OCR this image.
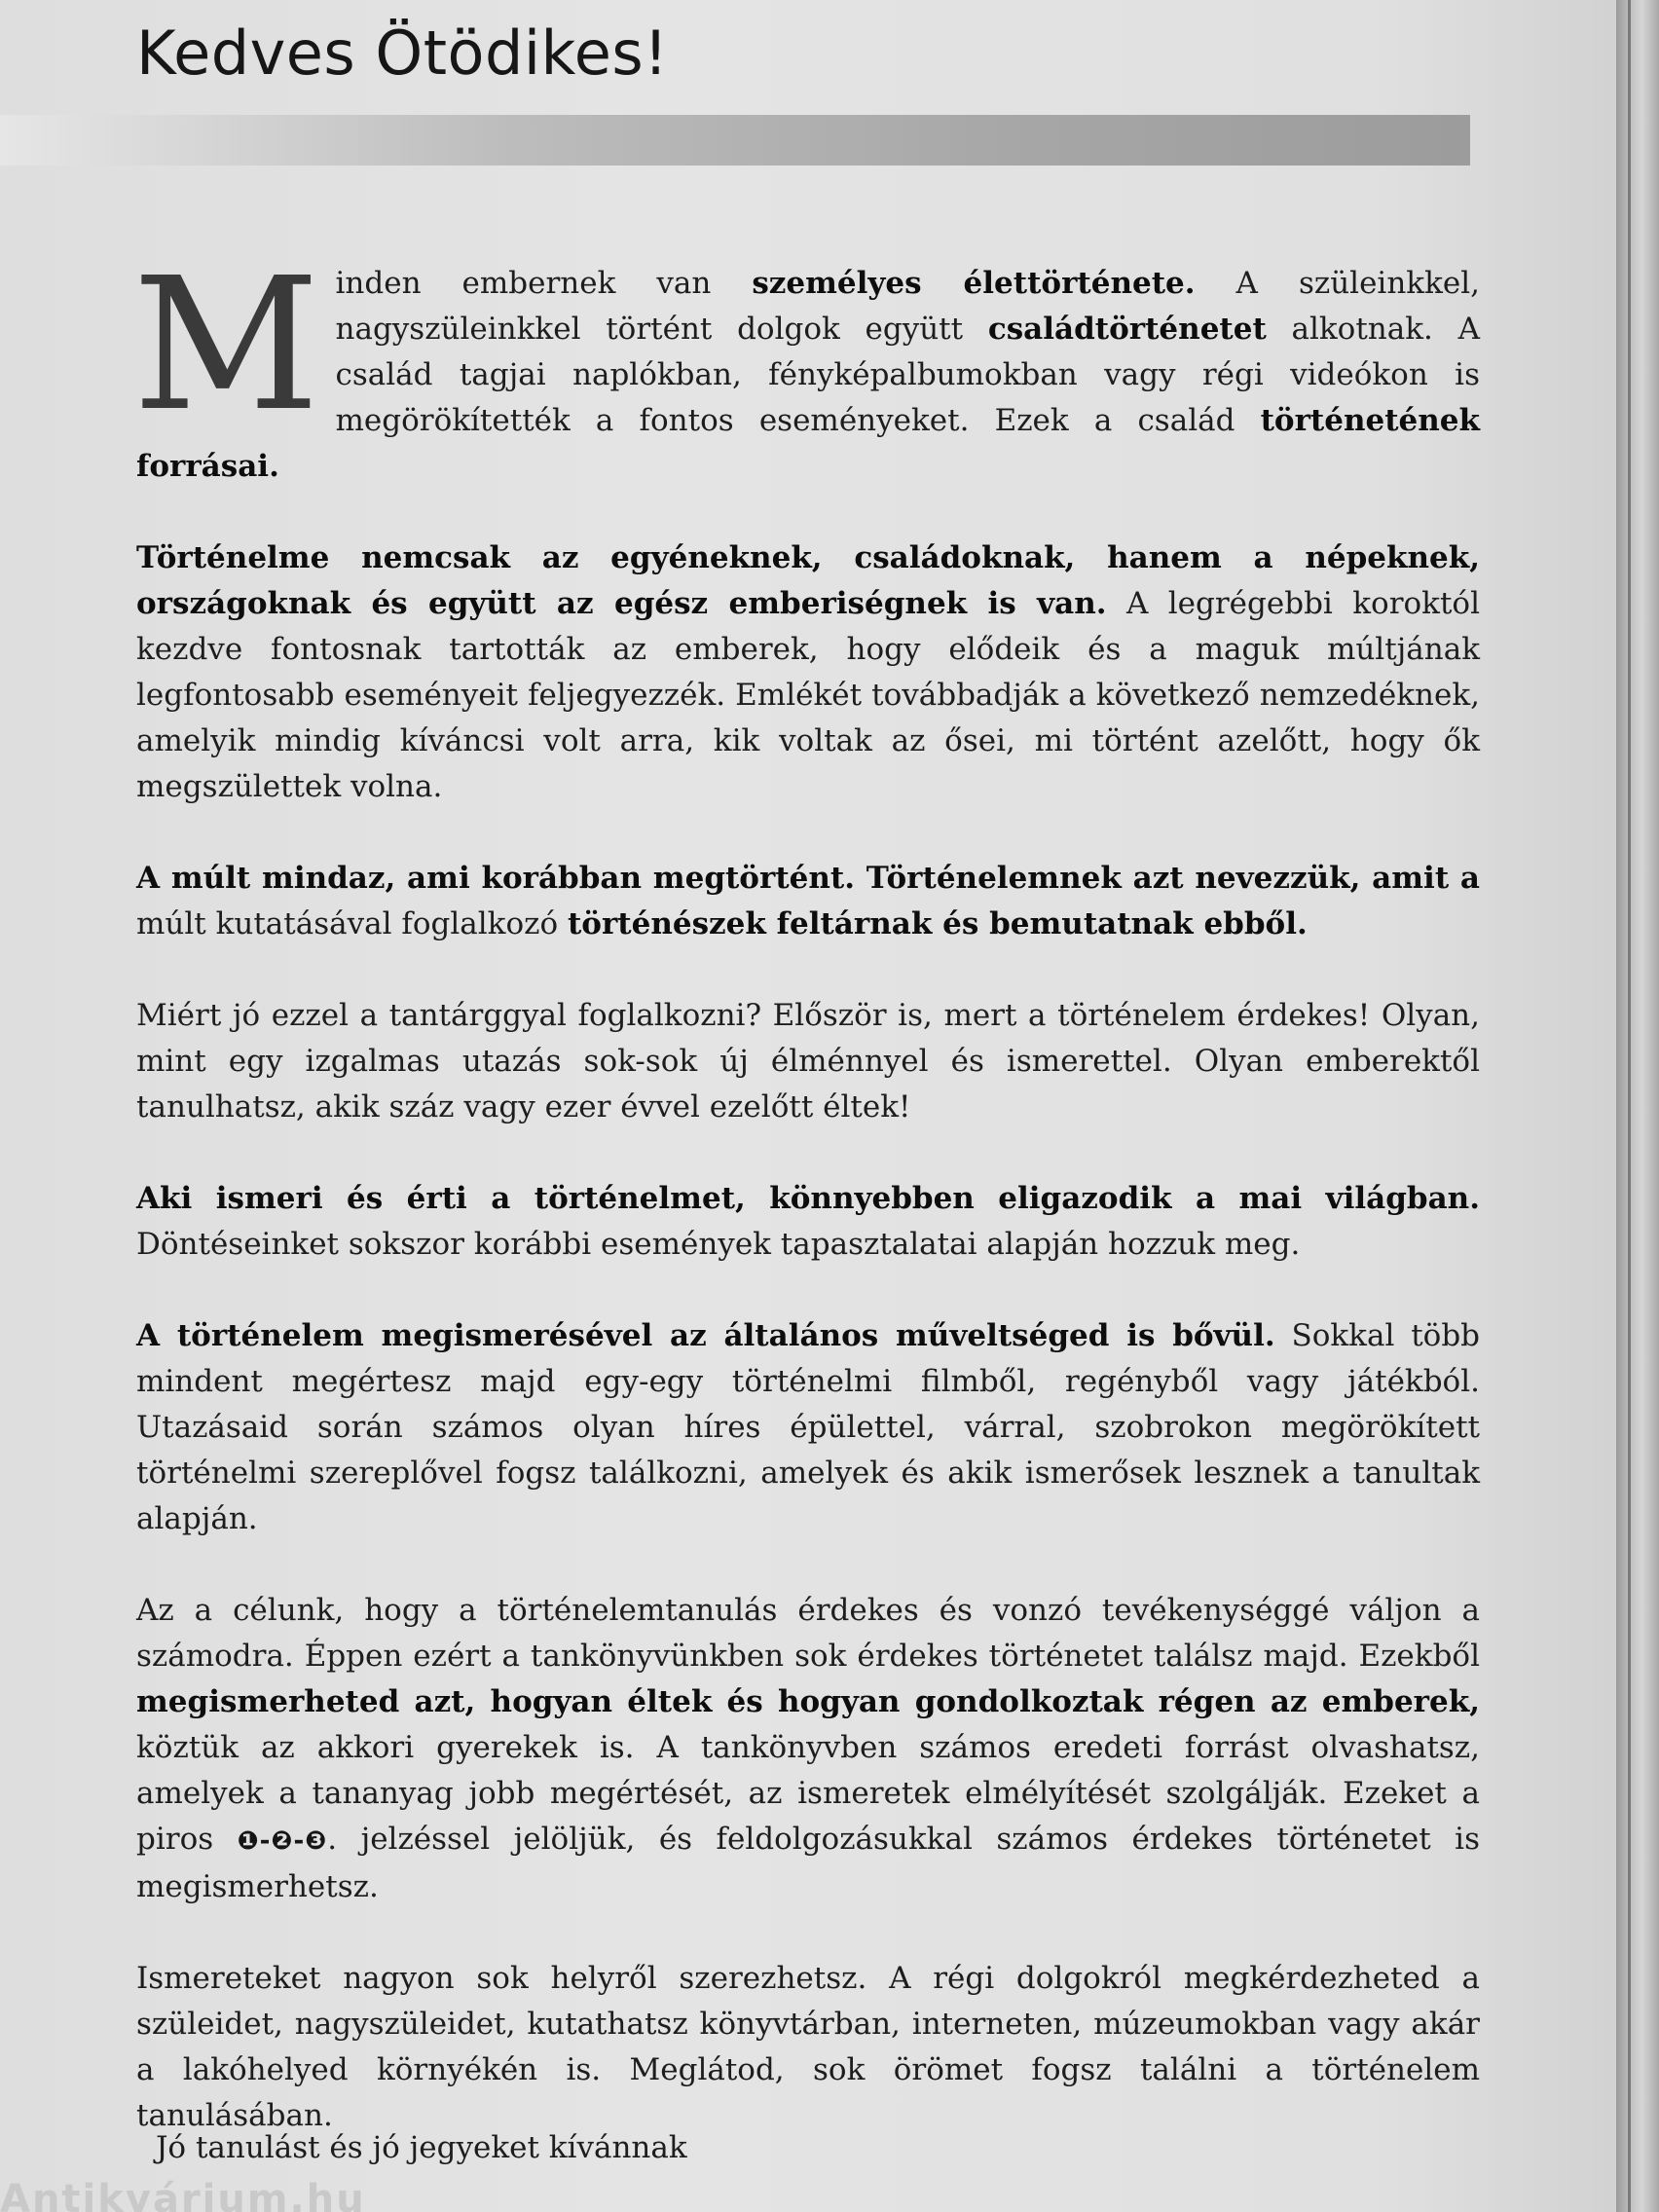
Kedves Ötödikes!

Minden embernek van személyes élettörténete. A szüleinkkel, nagyszüleinkkel történt dolgok együtt családtörténetet alkotnak. A család tagjai naplókban, fényképalbumokban vagy régi videókon is megörökítették a fontos eseményeket. Ezek a család történetének forrásai.

Történelme nemcsak az egyéneknek, családoknak, hanem a népeknek, országoknak és együtt az egész emberiségnek is van. A legrégebbi koroktól kezdve fontosnak tartották az emberek, hogy elődeik és a maguk múltjának legfontosabb eseményeit feljegyezzék. Emlékét továbbadják a következő nemzedéknek, amelyik mindig kíváncsi volt arra, kik voltak az ősei, mi történt azelőtt, hogy ők megszülettek volna.

A múlt mindaz, ami korábban megtörtént. Történelemnek azt nevezzük, amit a múlt kutatásával foglalkozó történészek feltárnak és bemutatnak ebből.

Miért jó ezzel a tantárggyal foglalkozni? Először is, mert a történelem érdekes! Olyan, mint egy izgalmas utazás sok-sok új élménnyel és ismerettel. Olyan emberektől tanulhatsz, akik száz vagy ezer évvel ezelőtt éltek!

Aki ismeri és érti a történelmet, könnyebben eligazodik a mai világban. Döntéseinket sokszor korábbi események tapasztalatai alapján hozzuk meg.

A történelem megismerésével az általános műveltséged is bővül. Sokkal több mindent megértesz majd egy-egy történelmi filmből, regényből vagy játékból. Utazásaid során számos olyan híres épülettel, várral, szobrokon megörökített történelmi szereplővel fogsz találkozni, amelyek és akik ismerősek lesznek a tanultak alapján.

Az a célunk, hogy a történelemtanulás érdekes és vonzó tevékenységgé váljon a számodra. Éppen ezért a tankönyvünkben sok érdekes történetet találsz majd. Ezekből megismerheted azt, hogyan éltek és hogyan gondolkoztak régen az emberek, köztük az akkori gyerekek is. A tankönyvben számos eredeti forrást olvashatsz, amelyek a tananyag jobb megértését, az ismeretek elmélyítését szolgálják. Ezeket a piros ❶-❷-❸. jelzéssel jelöljük, és feldolgozásukkal számos érdekes történetet is megismerhetsz.

Ismereteket nagyon sok helyről szerezhetsz. A régi dolgokról megkérdezheted a szüleidet, nagyszüleidet, kutathatsz könyvtárban, interneten, múzeumokban vagy akár a lakóhelyed környékén is. Meglátod, sok örömet fogsz találni a történelem tanulásában.

Jó tanulást és jó jegyeket kívánnak

Antikvárium.hu
